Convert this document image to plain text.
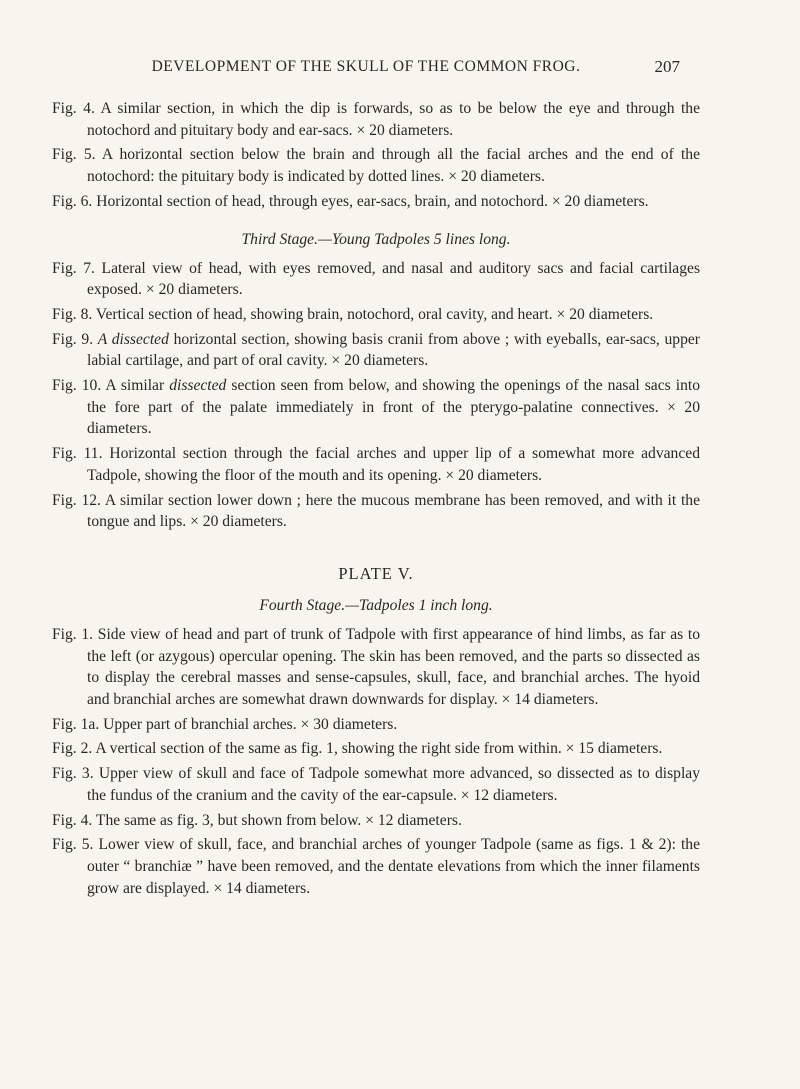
DEVELOPMENT OF THE SKULL OF THE COMMON FROG.	207

Fig. 4. A similar section, in which the dip is forwards, so as to be below the eye and through the notochord and pituitary body and ear-sacs. × 20 diameters.

Fig. 5. A horizontal section below the brain and through all the facial arches and the end of the notochord: the pituitary body is indicated by dotted lines. × 20 diameters.

Fig. 6. Horizontal section of head, through eyes, ear-sacs, brain, and notochord. × 20 diameters.

Third Stage.—Young Tadpoles 5 lines long.

Fig. 7. Lateral view of head, with eyes removed, and nasal and auditory sacs and facial cartilages exposed. × 20 diameters.

Fig. 8. Vertical section of head, showing brain, notochord, oral cavity, and heart. × 20 diameters.

Fig. 9. A dissected horizontal section, showing basis cranii from above ; with eyeballs, ear-sacs, upper labial cartilage, and part of oral cavity. × 20 diameters.

Fig. 10. A similar dissected section seen from below, and showing the openings of the nasal sacs into the fore part of the palate immediately in front of the pterygo-palatine connectives. × 20 diameters.

Fig. 11. Horizontal section through the facial arches and upper lip of a somewhat more advanced Tadpole, showing the floor of the mouth and its opening. × 20 diameters.

Fig. 12. A similar section lower down ; here the mucous membrane has been removed, and with it the tongue and lips. × 20 diameters.

PLATE V.
Fourth Stage.—Tadpoles 1 inch long.

Fig. 1. Side view of head and part of trunk of Tadpole with first appearance of hind limbs, as far as to the left (or azygous) opercular opening. The skin has been removed, and the parts so dissected as to display the cerebral masses and sense-capsules, skull, face, and branchial arches. The hyoid and branchial arches are somewhat drawn downwards for display. × 14 diameters.

Fig. 1a. Upper part of branchial arches. × 30 diameters.

Fig. 2. A vertical section of the same as fig. 1, showing the right side from within. × 15 diameters.

Fig. 3. Upper view of skull and face of Tadpole somewhat more advanced, so dissected as to display the fundus of the cranium and the cavity of the ear-capsule. × 12 diameters.

Fig. 4. The same as fig. 3, but shown from below. × 12 diameters.

Fig. 5. Lower view of skull, face, and branchial arches of younger Tadpole (same as figs. 1 & 2): the outer “ branchiæ ” have been removed, and the dentate elevations from which the inner filaments grow are displayed. × 14 diameters.
